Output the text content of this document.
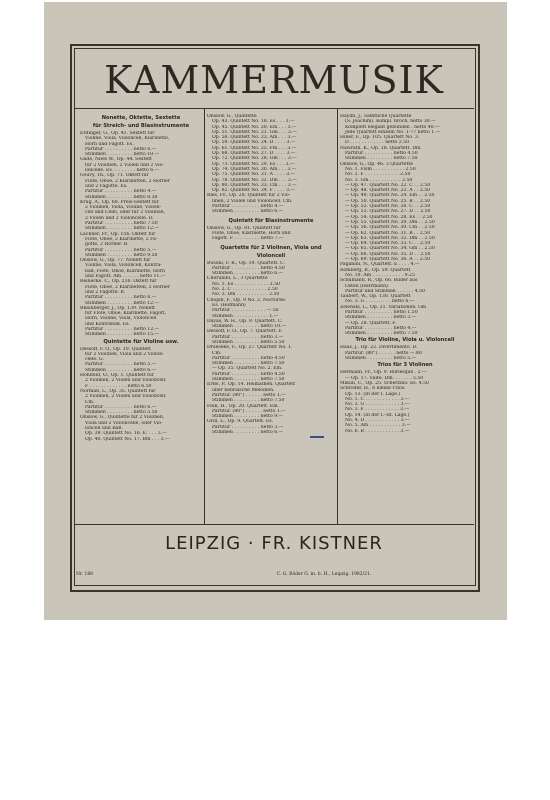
KAMMERMUSIK
Nonette, Oktette, Sextette
für Streich- und Blasinstrumente
Erdinger, G., Op. 41. Sextett für
Violine, Viola, Violoncell, Klarinette,
Horn und Fagott. Es.
Partitur . . . . . . . . . . netto 6.—
Stimmen . . . . . . . . . netto 10.—
Gade, Niels W., Op. 44. Sextett
für 2 Violinen, 2 Violen und 2 Vio-
loncelle. Es . . . . . . . . netto 6.—
Gouvy, Th., Op. 71. Oktett für
Flöte, Oboe, 2 Klarinetten, 2 Hörner
und 2 Fagotte. Es.
Partitur . . . . . . . . . . netto 4.—
Stimmen . . . . . . . . . netto 8.30
Krug, A., Op. 68. Preis-Sextett für
2 Violinen, Viola, Violine, Violon-
cell und Cello, oder für 2 Violinen,
2 Violen und 2 Violoncelle. D.
Partitur . . . . . . . . . . netto 7.50
Stimmen . . . . . . . . . netto 12.—
Lachner, Fr., Op. 156. Oktett für
Flöte, Oboe, 2 Klarinette, 2 Fa-
gotte, 2 Hörner. B.
Partitur . . . . . . . . . . netto 5.—
Stimmen . . . . . . . . . netto 9.50
Onslow, G., Op. 77. Nonett für
Violine, Viola, Violoncell, Kontra-
baß, Flöte, Oboe, Klarinette, Horn
und Fagott. Am . . . . . . netto 11.—
Reinecke, C., Op. 216. Oktett für
Flöte, Oboe, 2 Klarinetten, 2 Hörner
und 2 Fagotte. B.
Partitur . . . . . . . . . . netto 6.—
Stimmen . . . . . . . . . netto 12.—
Rheinberger, J., Op. 139. Nonett
für Flöte, Oboe, Klarinette, Fagott,
Horn, Violine, Viola, Violoncell
und Kontrabaß. Es.
Partitur . . . . . . . . . . netto 12.—
Stimmen . . . . . . . . . netto 15.—
Quintette für Violine usw.
Dessoff, F. O., Op. 10. Quintett
für 2 Violinen, Viola und 2 Violon-
celle. G.
Partitur . . . . . . . . . . netto 5.—
Stimmen . . . . . . . . . netto 6.—
Hohlfeld, O., Op. 1. Quintett für
2 Violinen, 2 Violen und Violoncell.
F . . . . . . . . . . . . . netto 6.50
Norman, L., Op. 35. Quintett für
2 Violinen, 2 Violen und Violoncell.
Cm.
Partitur . . . . . . . . . . netto 6.—
Stimmen . . . . . . . . . netto 5.50
Onslow, G., Quintette für 2 Violinen,
Viola und 2 Violoncelle, oder Vio-
loncell und Baß.
Op. 39. Quintett No. 16. E. . . . 3.—
Op. 40. Quintett No. 17. Bm . . . 3.—
Onslow, G., Quintette
Op. 43. Quintett No. 18. Es . . . 3.—
Op. 45. Quintett No. 20. Em . . . 3.—
Op. 51. Quintett No. 21. Gm . . . 3.—
Op. 58. Quintett No. 23. Am . . . 3.—
Op. 59. Quintett No. 24. D . . . . 3.—
Op. 61. Quintett No. 25. Fm . . . 3.—
Op. 68. Quintett No. 27. D . . . . 3.—
Op. 72. Quintett No. 28. Gm . . . 3.—
Op. 73. Quintett No. 29. Es . . . 3.—
Op. 74. Quintett No. 30. Am . . . 3.—
Op. 75. Quintett No. 31. A . . . . 3.—
Op. 78. Quintett No. 32. Dm . . . 3.—
Op. 80. Quintett No. 33. Cm . . . 3.—
Op. 82. Quintett No. 34. F . . . . 3.—
Ries, Fr., Op. 28. Quintett für 2 Vio-
linen, 2 Violen und Violoncell. Cm.
Partitur . . . . . . . . . . netto 4.—
Stimmen . . . . . . . . . netto 6.—
Quintett für Blasinstrumente
Onslow, G., Op. 81. Quintett für
Flöte, Oboe, Klarinette, Horn und
Fagott. F . . . . . . . . . netto 7.—
Quartette für 2 Violinen, Viola und
Violoncell
Busoni, F. B., Op. 19. Quartett. C.
Partitur . . . . . . . . . . netto 4.50
Stimmen . . . . . . . . . netto 6.—
Cherubini, L., 3 Quartette
No. 1. Es . . . . . . . . . . . . 2.50
No. 2. C . . . . . . . . . . . . 2.50
No. 3. Dm . . . . . . . . . . . 2.50
Chopin, F., Op. 9 No. 2. Nocturne.
Es. (Hofmann)
Partitur . . . . . . . . . . . . —.50
Stimmen . . . . . . . . . . . . 1.—
Dayas, W. H., Op. 9. Quartett. C.
Stimmen . . . . . . . . . netto 10.—
Dessoff, F. O., Op. 7. Quartett. F.
Partitur . . . . . . . . . . netto 3.—
Stimmen . . . . . . . . . netto 5.50
Draeseke, F., Op. 27. Quartett No. 1.
Cm.
Partitur . . . . . . . . . . netto 4.50
Stimmen . . . . . . . . . netto 7.50
— Op. 35. Quartett No. 2. Em.
Partitur . . . . . . . . . . netto 4.50
Stimmen . . . . . . . . . netto 7.50
Ertel, P., Op. 14. Heimathen. Quartett
über hebräische Melodien.
Partitur. (80°) . . . . . . netto 1.—
Stimmen . . . . . . . . . netto 7.50
Fink, H., Op. 20. Quartett. Em.
Partitur. (80°) . . . . . . netto 1.—
Stimmen . . . . . . . . . netto 9.—
Grill, L., Op. 9. Quartett. Es.
Partitur . . . . . . . . . . netto 3.—
Stimmen . . . . . . . . . netto 6.—
Haydn, J., Sämtliche Quartette
(S. Joachim). Kompl. broch. netto 30.—
Komplett elegant gebunden . netto 40.—
Jede Quartett einzeln No. 1-77 netto 1.—
Hiller, F., Op. 105. Quartett No. 3.
D . . . . . . . . . . . . netto 2.50
Nawratil, K., Op. 18. Quartett. Dm.
Partitur . . . . . . . . . . netto 4.50
Stimmen . . . . . . . . . netto 7.50
Onslow, G., Op. 46. 3 Quartette
No. 1. Fism . . . . . . . . . . . 2.50
No. 2. F . . . . . . . . . . . . 2.50
No. 3. Gm . . . . . . . . . . . 2.50
— Op. 47. Quartett No. 22. C . . 2.50
— Op. 48. Quartett No. 23. A . . 2.50
— Op. 49. Quartett No. 24. Em . . 2.50
— Op. 50. Quartett No. 25. B . . 2.50
— Op. 52. Quartett No. 26. C . . 2.50
— Op. 53. Quartett No. 27. D . . 2.50
— Op. 54. Quartett No. 28. Es . . 2.50
— Op. 55. Quartett No. 29. Dm . . 2.50
— Op. 56. Quartett No. 30. Cm . . 2.50
— Op. 62. Quartett No. 31. B . . 2.50
— Op. 63. Quartett No. 32. Dm . . 2.50
— Op. 64. Quartett No. 33. C . . 2.50
— Op. 65. Quartett No. 34. Gm . . 2.50
— Op. 66. Quartett No. 35. D . . 2.50
— Op. 69. Quartett No. 36. A . . 2.50
Paganini, N., Quartett. E . . . . 4.—
Romberg, B., Op. 59. Quartett
No. 10. Am . . . . . . . . . . . 9.25
Schumann, R., Op. 66. Bilder aus
Osten (Herrmann).
Partitur und Stimmen . . . . . . 4.50
Taubert, W., Op. 130. Quartett
No. 3. G . . . . . . . . . netto 6.—
Żeleński, L., Op. 21. Variationen. Gm
Partitur . . . . . . . . . . netto 1.50
Stimmen . . . . . . . . . netto 3.—
— Op. 28. Quartett. F.
Partitur . . . . . . . . . . netto 4.—
Stimmen . . . . . . . . . netto 7.50
Trio für Violine, Viola u. Violoncell
Haas, J., Op. 22. Divertimento. D.
Partitur. (80°) . . . . . . netto —.80
Stimmen . . . . . . . . . netto 5.—
Trios für 3 Violinen
Hermann, Fr., Op. 9. Burlesque . 2.—
— Op. 17. Suite. Dm. . . . . . . 5.50
Mikuli, C., Op. 25. Scherzino. Es. 4.50
Schröder, H., 6 kleine Trios.
Op. 13. (In der I. Lage.)
No. 1. C . . . . . . . . . . . . 3.—
No. 2. G . . . . . . . . . . . . 3.—
No. 3. F . . . . . . . . . . . . 3.—
Op. 14. (In der I.–III. Lage.)
No. 4. D . . . . . . . . . . . . 3.—
No. 5. Am . . . . . . . . . . . 3.—
No. 6. B . . . . . . . . . . . . 3.—
LEIPZIG · FR. KISTNER
Nr. 188	C. G. Röder G. m. b. H., Leipzig. 1982/21.
